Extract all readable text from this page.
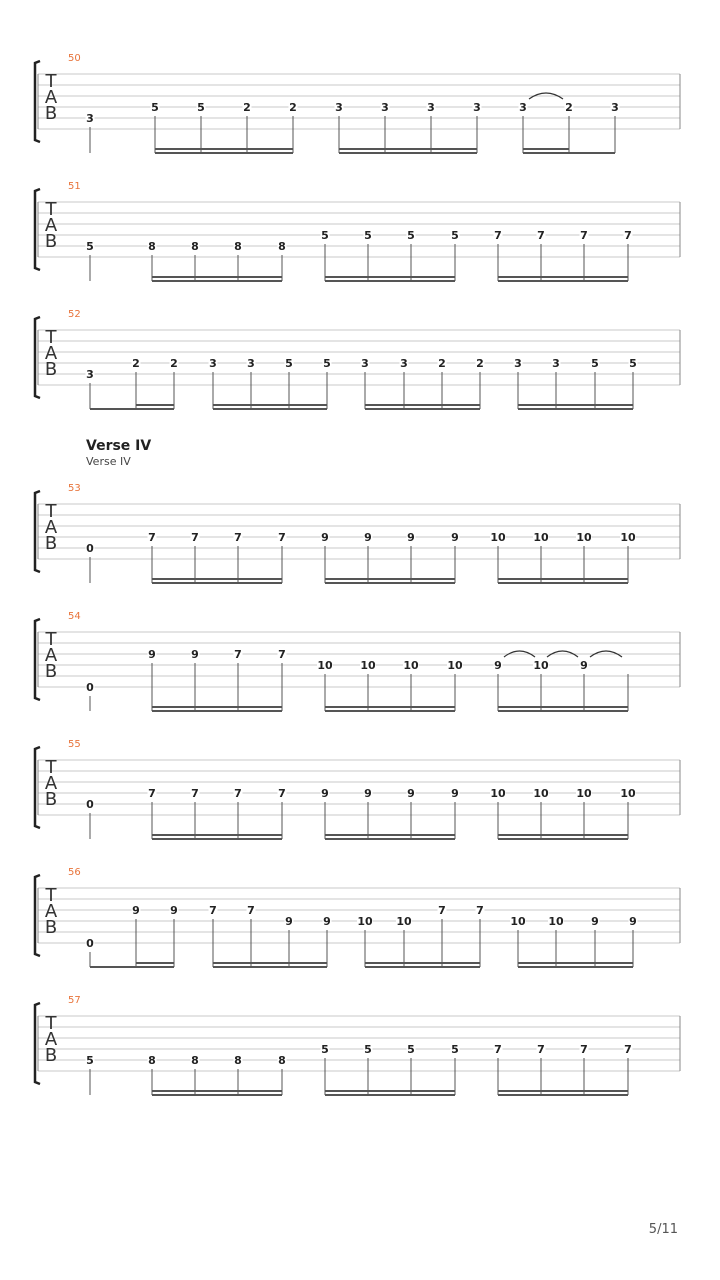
T
A
B
50
3
5	5	2	2	3	3	3	3	3	2	3
T
A
B
51
5	8	8	8	8
5	5	5	5	7	7	7	7
T
A
B
52
3
2	2	3	3	5	5	3	3	2	2	3	3	5	5
T
A
B
53
0
7	7	7	7	9	9	9	9	10	10	10	10
T
A
B
54
0
9	9	7	7
10	10	10	10	9	10	9
T
A
B
55
0
7	7	7	7	9	9	9	9	10	10	10	10
T
A
B
56
0
9	9	7	7
9	9 10 10
7	7
10 10	9	9
T
A
B
57
5	8	8	8	8
5	5	5	5	7	7	7	7
Verse IV
Verse IV
5/11
